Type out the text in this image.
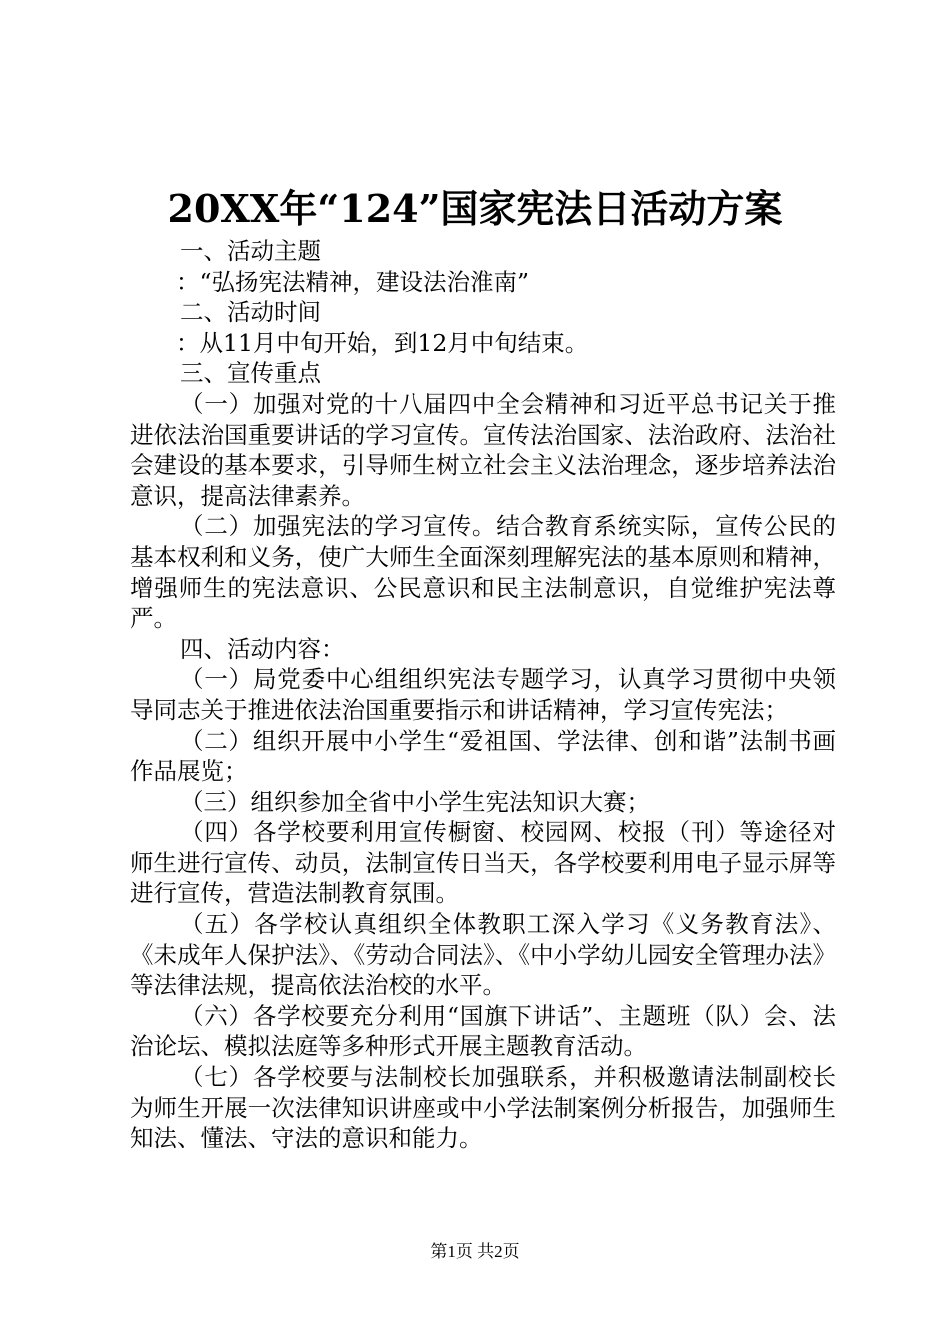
20XX年“124”国家宪法日活动方案

一、活动主题

：“弘扬宪法精神，建设法治淮南”

二、活动时间

：从11月中旬开始，到12月中旬结束。

三、宣传重点

（一）加强对党的十八届四中全会精神和习近平总书记关于推进依法治国重要讲话的学习宣传。宣传法治国家、法治政府、法治社会建设的基本要求，引导师生树立社会主义法治理念，逐步培养法治意识，提高法律素养。

（二）加强宪法的学习宣传。结合教育系统实际，宣传公民的基本权利和义务，使广大师生全面深刻理解宪法的基本原则和精神，增强师生的宪法意识、公民意识和民主法制意识，自觉维护宪法尊严。

四、活动内容：

（一）局党委中心组组织宪法专题学习，认真学习贯彻中央领导同志关于推进依法治国重要指示和讲话精神，学习宣传宪法；

（二）组织开展中小学生“爱祖国、学法律、创和谐”法制书画作品展览；

（三）组织参加全省中小学生宪法知识大赛；

（四）各学校要利用宣传橱窗、校园网、校报（刊）等途径对师生进行宣传、动员，法制宣传日当天，各学校要利用电子显示屏等进行宣传，营造法制教育氛围。

（五）各学校认真组织全体教职工深入学习《义务教育法》、《未成年人保护法》、《劳动合同法》、《中小学幼儿园安全管理办法》等法律法规，提高依法治校的水平。

（六）各学校要充分利用“国旗下讲话”、主题班（队）会、法治论坛、模拟法庭等多种形式开展主题教育活动。

（七）各学校要与法制校长加强联系，并积极邀请法制副校长为师生开展一次法律知识讲座或中小学法制案例分析报告，加强师生知法、懂法、守法的意识和能力。

第1页 共2页
